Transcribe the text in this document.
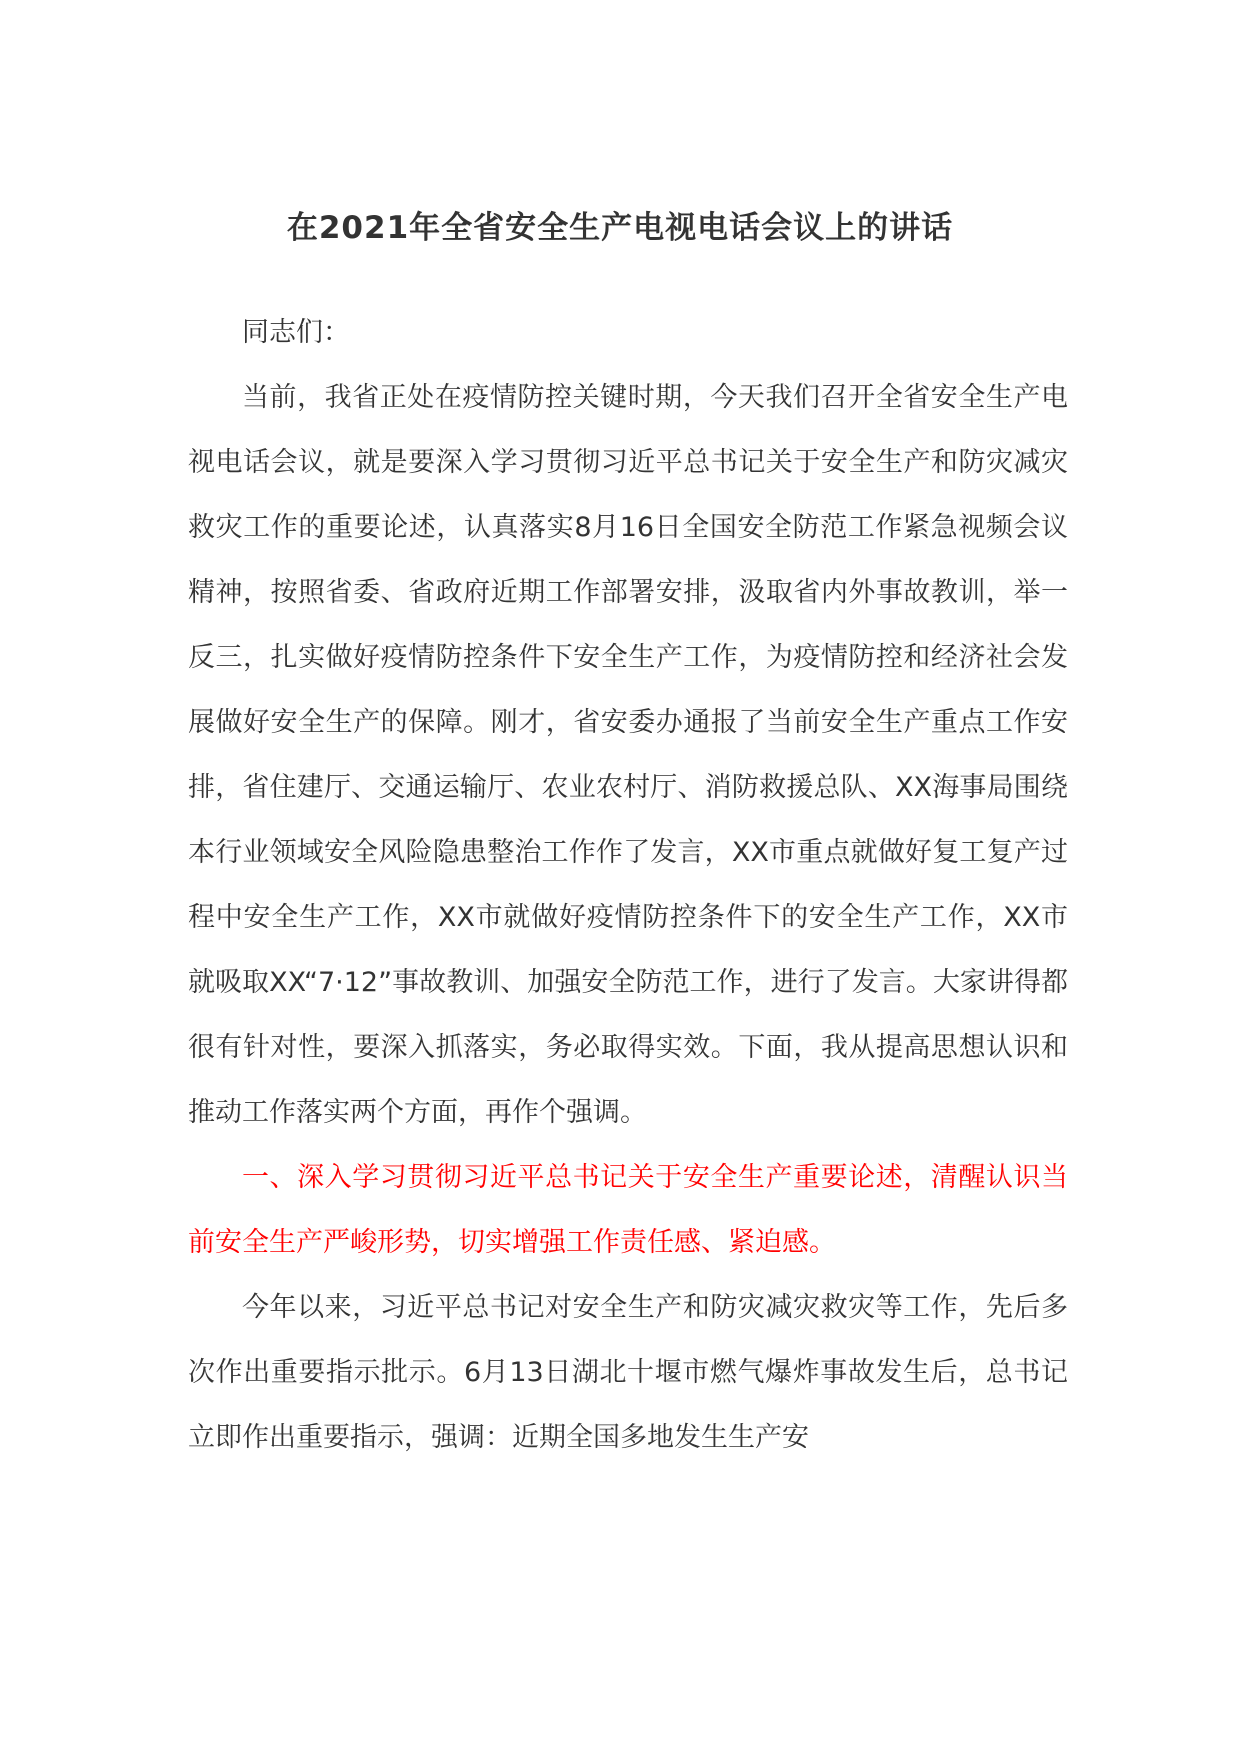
在2021年全省安全生产电视电话会议上的讲话

同志们：

当前，我省正处在疫情防控关键时期，今天我们召开全省安全生产电视电话会议，就是要深入学习贯彻习近平总书记关于安全生产和防灾减灾救灾工作的重要论述，认真落实8月16日全国安全防范工作紧急视频会议精神，按照省委、省政府近期工作部署安排，汲取省内外事故教训，举一反三，扎实做好疫情防控条件下安全生产工作，为疫情防控和经济社会发展做好安全生产的保障。刚才，省安委办通报了当前安全生产重点工作安排，省住建厅、交通运输厅、农业农村厅、消防救援总队、XX海事局围绕本行业领域安全风险隐患整治工作作了发言，XX市重点就做好复工复产过程中安全生产工作，XX市就做好疫情防控条件下的安全生产工作，XX市就吸取XX“7·12”事故教训、加强安全防范工作，进行了发言。大家讲得都很有针对性，要深入抓落实，务必取得实效。下面，我从提高思想认识和推动工作落实两个方面，再作个强调。

一、深入学习贯彻习近平总书记关于安全生产重要论述，清醒认识当前安全生产严峻形势，切实增强工作责任感、紧迫感。

今年以来，习近平总书记对安全生产和防灾减灾救灾等工作，先后多次作出重要指示批示。6月13日湖北十堰市燃气爆炸事故发生后，总书记立即作出重要指示，强调：近期全国多地发生生产安
